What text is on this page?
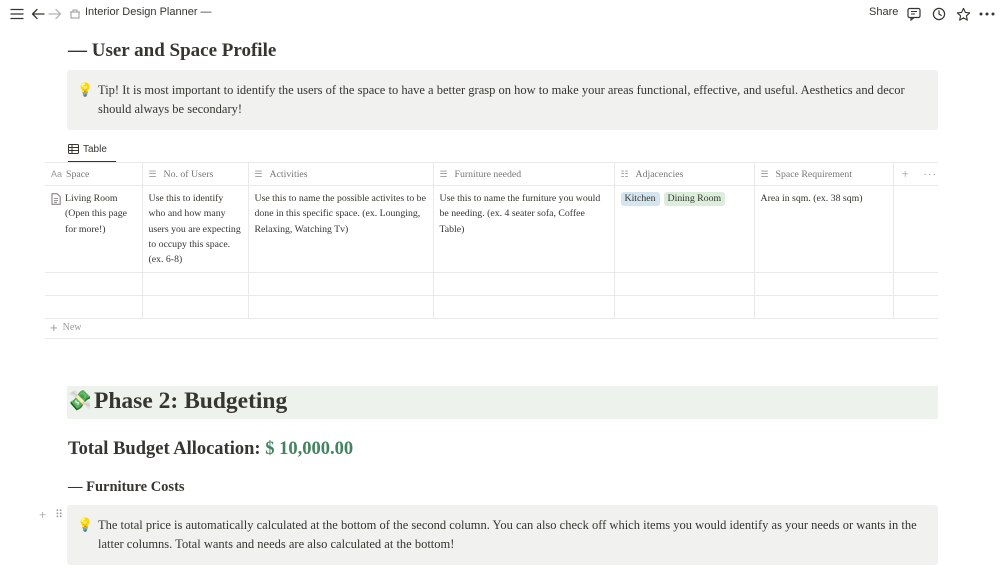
Interior Design Planner —	Share
— User and Space Profile
💡 Tip! It is most important to identify the users of the space to have a better grasp on how to make your areas functional, effective, and useful. Aesthetics and decor should always be secondary!
Table
Aa Space	☰ No. of Users	☰ Activities	☰ Furniture needed	☷ Adjacencies	☰ Space Requirement	+ ···

Living Room (Open this page for more!)	Use this to identify who and how many users you are expecting to occupy this space. (ex. 6-8)	Use this to name the possible activites to be done in this specific space. (ex. Lounging, Relaxing, Watching Tv)	Use this to name the furniture you would be needing. (ex. 4 seater sofa, Coffee Table)	Kitchen Dining Room	Area in sqm. (ex. 38 sqm)	

+ New
💸 Phase 2: Budgeting
Total Budget Allocation: $ 10,000.00
— Furniture Costs
+ ⠿
💡 The total price is automatically calculated at the bottom of the second column. You can also check off which items you would identify as your needs or wants in the latter columns. Total wants and needs are also calculated at the bottom!
